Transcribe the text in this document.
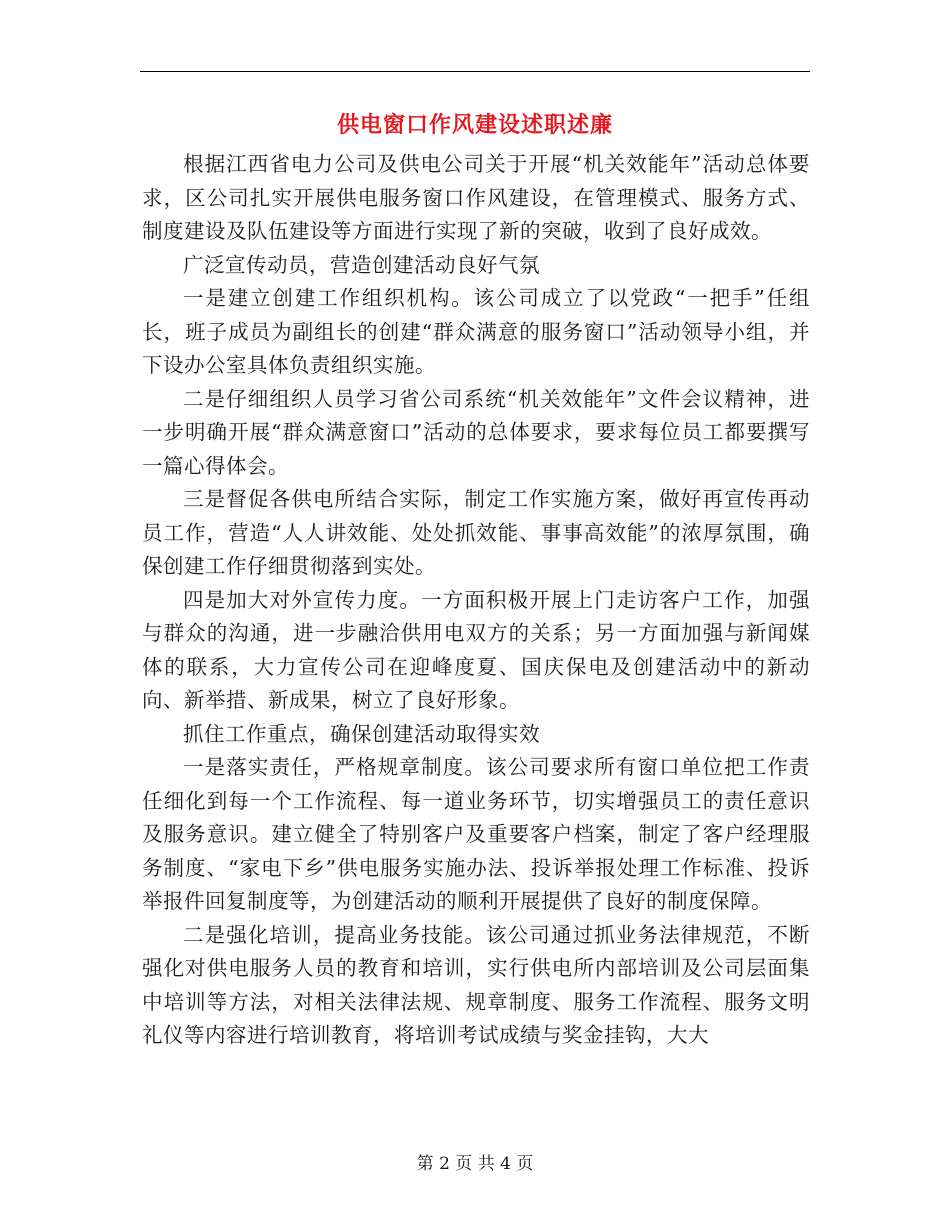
供电窗口作风建设述职述廉

根据江西省电力公司及供电公司关于开展“机关效能年”活动总体要求，区公司扎实开展供电服务窗口作风建设，在管理模式、服务方式、制度建设及队伍建设等方面进行实现了新的突破，收到了良好成效。

广泛宣传动员，营造创建活动良好气氛

一是建立创建工作组织机构。该公司成立了以党政“一把手”任组长，班子成员为副组长的创建“群众满意的服务窗口”活动领导小组，并下设办公室具体负责组织实施。

二是仔细组织人员学习省公司系统“机关效能年”文件会议精神，进一步明确开展“群众满意窗口”活动的总体要求，要求每位员工都要撰写一篇心得体会。

三是督促各供电所结合实际，制定工作实施方案，做好再宣传再动员工作，营造“人人讲效能、处处抓效能、事事高效能”的浓厚氛围，确保创建工作仔细贯彻落到实处。

四是加大对外宣传力度。一方面积极开展上门走访客户工作，加强与群众的沟通，进一步融洽供用电双方的关系；另一方面加强与新闻媒体的联系，大力宣传公司在迎峰度夏、国庆保电及创建活动中的新动向、新举措、新成果，树立了良好形象。

抓住工作重点，确保创建活动取得实效

一是落实责任，严格规章制度。该公司要求所有窗口单位把工作责任细化到每一个工作流程、每一道业务环节，切实增强员工的责任意识及服务意识。建立健全了特别客户及重要客户档案，制定了客户经理服务制度、“家电下乡”供电服务实施办法、投诉举报处理工作标准、投诉举报件回复制度等，为创建活动的顺利开展提供了良好的制度保障。

二是强化培训，提高业务技能。该公司通过抓业务法律规范，不断强化对供电服务人员的教育和培训，实行供电所内部培训及公司层面集中培训等方法，对相关法律法规、规章制度、服务工作流程、服务文明礼仪等内容进行培训教育，将培训考试成绩与奖金挂钩，大大

第 2 页 共 4 页
